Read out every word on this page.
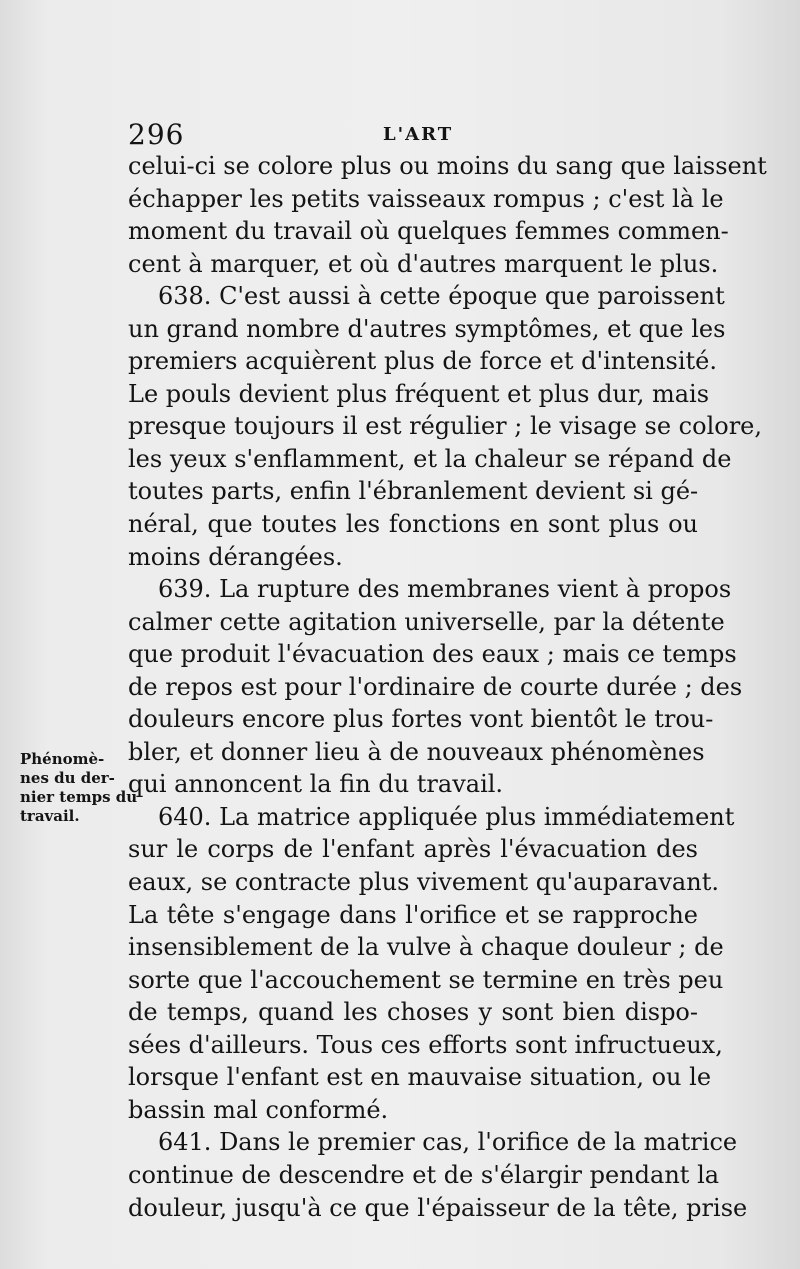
296	L'ART
Phénomè-
nes du der-
nier temps du
travail.
celui-ci se colore plus ou moins du sang que laissent
échapper les petits vaisseaux rompus ; c'est là le
moment du travail où quelques femmes commen-
cent à marquer, et où d'autres marquent le plus.
638. C'est aussi à cette époque que paroissent
un grand nombre d'autres symptômes, et que les
premiers acquièrent plus de force et d'intensité.
Le pouls devient plus fréquent et plus dur, mais
presque toujours il est régulier ; le visage se colore,
les yeux s'enflamment, et la chaleur se répand de
toutes parts, enfin l'ébranlement devient si gé-
néral, que toutes les fonctions en sont plus ou
moins dérangées.
639. La rupture des membranes vient à propos
calmer cette agitation universelle, par la détente
que produit l'évacuation des eaux ; mais ce temps
de repos est pour l'ordinaire de courte durée ; des
douleurs encore plus fortes vont bientôt le trou-
bler, et donner lieu à de nouveaux phénomènes
qui annoncent la fin du travail.
640. La matrice appliquée plus immédiatement
sur le corps de l'enfant après l'évacuation des
eaux, se contracte plus vivement qu'auparavant.
La tête s'engage dans l'orifice et se rapproche
insensiblement de la vulve à chaque douleur ; de
sorte que l'accouchement se termine en très peu
de temps, quand les choses y sont bien dispo-
sées d'ailleurs. Tous ces efforts sont infructueux,
lorsque l'enfant est en mauvaise situation, ou le
bassin mal conformé.
641. Dans le premier cas, l'orifice de la matrice
continue de descendre et de s'élargir pendant la
douleur, jusqu'à ce que l'épaisseur de la tête, prise
